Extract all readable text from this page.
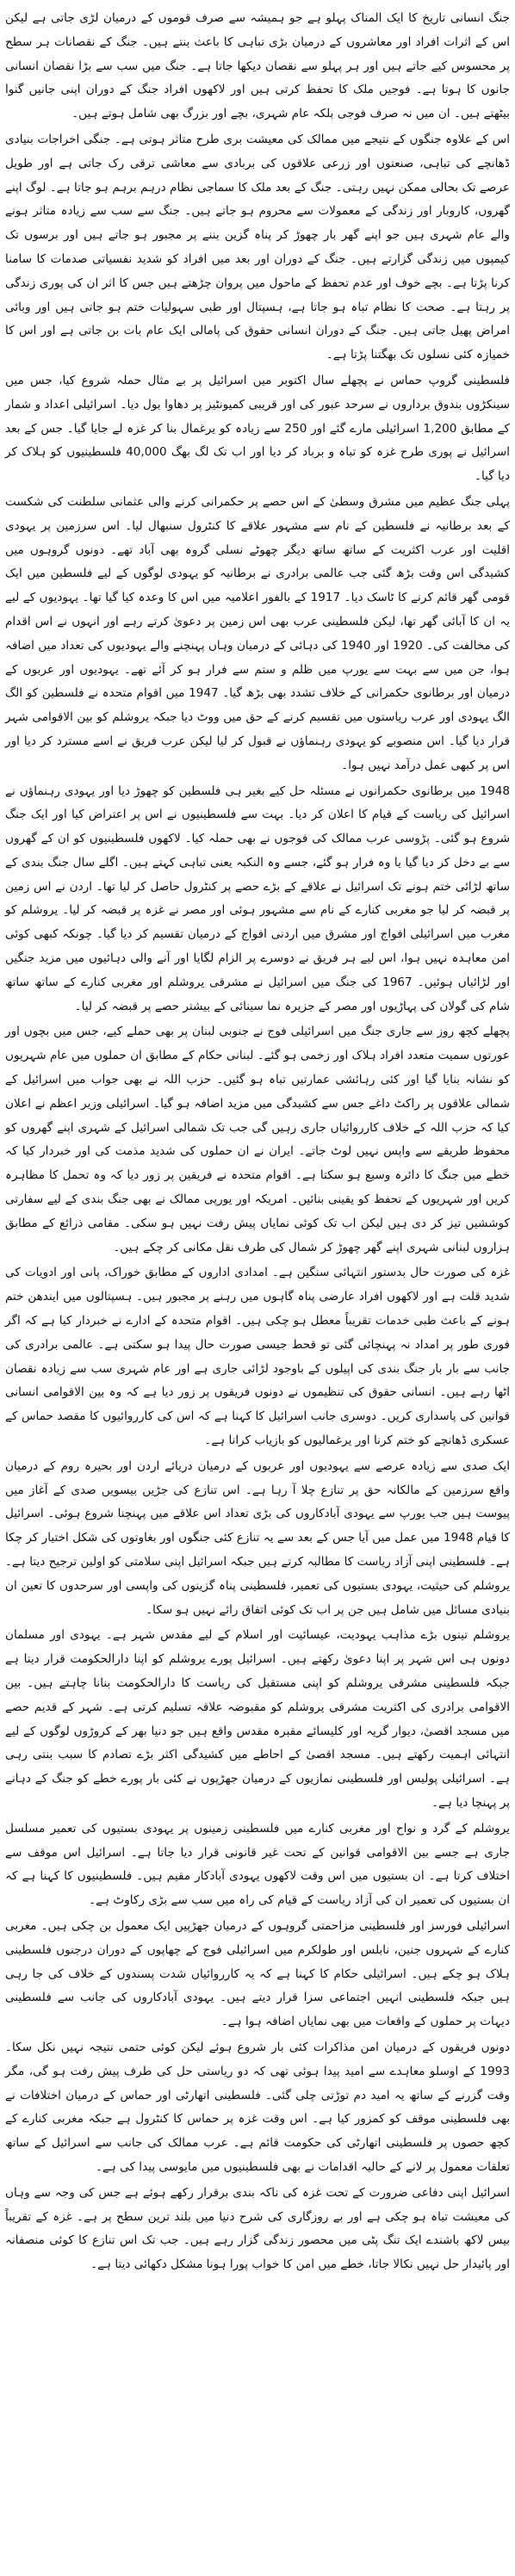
جنگ انسانی تاریخ کا ایک المناک پہلو ہے جو ہمیشہ سے صرف قوموں کے درمیان لڑی جاتی ہے لیکن اس کے اثرات افراد اور معاشروں کے درمیان بڑی تباہی کا باعث بنتے ہیں۔ جنگ کے نقصانات ہر سطح پر محسوس کیے جاتے ہیں اور ہر پہلو سے نقصان دیکھا جاتا ہے۔ جنگ میں سب سے بڑا نقصان انسانی جانوں کا ہوتا ہے۔ فوجیں ملک کا تحفظ کرتی ہیں اور لاکھوں افراد جنگ کے دوران اپنی جانیں گنوا بیٹھتے ہیں۔ ان میں نہ صرف فوجی بلکہ عام شہری، بچے اور بزرگ بھی شامل ہوتے ہیں۔

اس کے علاوہ جنگوں کے نتیجے میں ممالک کی معیشت بری طرح متاثر ہوتی ہے۔ جنگی اخراجات بنیادی ڈھانچے کی تباہی، صنعتوں اور زرعی علاقوں کی بربادی سے معاشی ترقی رک جاتی ہے اور طویل عرصے تک بحالی ممکن نہیں رہتی۔ جنگ کے بعد ملک کا سماجی نظام درہم برہم ہو جاتا ہے۔ لوگ اپنے گھروں، کاروبار اور زندگی کے معمولات سے محروم ہو جاتے ہیں۔ جنگ سے سب سے زیادہ متاثر ہونے والے عام شہری ہیں جو اپنے گھر بار چھوڑ کر پناہ گزین بننے پر مجبور ہو جاتے ہیں اور برسوں تک کیمپوں میں زندگی گزارتے ہیں۔ جنگ کے دوران اور بعد میں افراد کو شدید نفسیاتی صدمات کا سامنا کرنا پڑتا ہے۔ بچے خوف اور عدم تحفظ کے ماحول میں پروان چڑھتے ہیں جس کا اثر ان کی پوری زندگی پر رہتا ہے۔ صحت کا نظام تباہ ہو جاتا ہے، ہسپتال اور طبی سہولیات ختم ہو جاتی ہیں اور وبائی امراض پھیل جاتی ہیں۔ جنگ کے دوران انسانی حقوق کی پامالی ایک عام بات بن جاتی ہے اور اس کا خمیازہ کئی نسلوں تک بھگتنا پڑتا ہے۔

فلسطینی گروپ حماس نے پچھلے سال اکتوبر میں اسرائیل پر بے مثال حملہ شروع کیا، جس میں سینکڑوں بندوق برداروں نے سرحد عبور کی اور قریبی کمیونٹیز پر دھاوا بول دیا۔ اسرائیلی اعداد و شمار کے مطابق 1,200 اسرائیلی مارے گئے اور 250 سے زیادہ کو یرغمال بنا کر غزہ لے جایا گیا۔ جس کے بعد اسرائیل نے پوری طرح غزہ کو تباہ و برباد کر دیا اور اب تک لگ بھگ 40,000 فلسطینیوں کو ہلاک کر دیا گیا۔

پہلی جنگ عظیم میں مشرق وسطیٰ کے اس حصے پر حکمرانی کرنے والی عثمانی سلطنت کی شکست کے بعد برطانیہ نے فلسطین کے نام سے مشہور علاقے کا کنٹرول سنبھال لیا۔ اس سرزمین پر یہودی اقلیت اور عرب اکثریت کے ساتھ ساتھ دیگر چھوٹے نسلی گروہ بھی آباد تھے۔ دونوں گروہوں میں کشیدگی اس وقت بڑھ گئی جب عالمی برادری نے برطانیہ کو یہودی لوگوں کے لیے فلسطین میں ایک قومی گھر قائم کرنے کا ٹاسک دیا۔ 1917 کے بالفور اعلامیہ میں اس کا وعدہ کیا گیا تھا۔ یہودیوں کے لیے یہ ان کا آبائی گھر تھا، لیکن فلسطینی عرب بھی اس زمین پر دعویٰ کرتے رہے اور انہوں نے اس اقدام کی مخالفت کی۔ 1920 اور 1940 کی دہائی کے درمیان وہاں پہنچنے والے یہودیوں کی تعداد میں اضافہ ہوا، جن میں سے بہت سے یورپ میں ظلم و ستم سے فرار ہو کر آئے تھے۔ یہودیوں اور عربوں کے درمیان اور برطانوی حکمرانی کے خلاف تشدد بھی بڑھ گیا۔ 1947 میں اقوام متحدہ نے فلسطین کو الگ الگ یہودی اور عرب ریاستوں میں تقسیم کرنے کے حق میں ووٹ دیا جبکہ یروشلم کو بین الاقوامی شہر قرار دیا گیا۔ اس منصوبے کو یہودی رہنماؤں نے قبول کر لیا لیکن عرب فریق نے اسے مسترد کر دیا اور اس پر کبھی عمل درآمد نہیں ہوا۔

1948 میں برطانوی حکمرانوں نے مسئلہ حل کیے بغیر ہی فلسطین کو چھوڑ دیا اور یہودی رہنماؤں نے اسرائیل کی ریاست کے قیام کا اعلان کر دیا۔ بہت سے فلسطینیوں نے اس پر اعتراض کیا اور ایک جنگ شروع ہو گئی۔ پڑوسی عرب ممالک کی فوجوں نے بھی حملہ کیا۔ لاکھوں فلسطینیوں کو ان کے گھروں سے بے دخل کر دیا گیا یا وہ فرار ہو گئے، جسے وہ النکبہ یعنی تباہی کہتے ہیں۔ اگلے سال جنگ بندی کے ساتھ لڑائی ختم ہونے تک اسرائیل نے علاقے کے بڑے حصے پر کنٹرول حاصل کر لیا تھا۔ اردن نے اس زمین پر قبضہ کر لیا جو مغربی کنارے کے نام سے مشہور ہوئی اور مصر نے غزہ پر قبضہ کر لیا۔ یروشلم کو مغرب میں اسرائیلی افواج اور مشرق میں اردنی افواج کے درمیان تقسیم کر دیا گیا۔ چونکہ کبھی کوئی امن معاہدہ نہیں ہوا، اس لیے ہر فریق نے دوسرے پر الزام لگایا اور آنے والی دہائیوں میں مزید جنگیں اور لڑائیاں ہوئیں۔ 1967 کی جنگ میں اسرائیل نے مشرقی یروشلم اور مغربی کنارے کے ساتھ ساتھ شام کی گولان کی پہاڑیوں اور مصر کے جزیرہ نما سینائی کے بیشتر حصے پر قبضہ کر لیا۔

پچھلے کچھ روز سے جاری جنگ میں اسرائیلی فوج نے جنوبی لبنان پر بھی حملے کیے، جس میں بچوں اور عورتوں سمیت متعدد افراد ہلاک اور زخمی ہو گئے۔ لبنانی حکام کے مطابق ان حملوں میں عام شہریوں کو نشانہ بنایا گیا اور کئی رہائشی عمارتیں تباہ ہو گئیں۔ حزب اللہ نے بھی جواب میں اسرائیل کے شمالی علاقوں پر راکٹ داغے جس سے کشیدگی میں مزید اضافہ ہو گیا۔ اسرائیلی وزیر اعظم نے اعلان کیا کہ حزب اللہ کے خلاف کارروائیاں جاری رہیں گی جب تک شمالی اسرائیل کے شہری اپنے گھروں کو محفوظ طریقے سے واپس نہیں لوٹ جاتے۔ ایران نے ان حملوں کی شدید مذمت کی اور خبردار کیا کہ خطے میں جنگ کا دائرہ وسیع ہو سکتا ہے۔ اقوام متحدہ نے فریقین پر زور دیا کہ وہ تحمل کا مظاہرہ کریں اور شہریوں کے تحفظ کو یقینی بنائیں۔ امریکہ اور یورپی ممالک نے بھی جنگ بندی کے لیے سفارتی کوششیں تیز کر دی ہیں لیکن اب تک کوئی نمایاں پیش رفت نہیں ہو سکی۔ مقامی ذرائع کے مطابق ہزاروں لبنانی شہری اپنے گھر چھوڑ کر شمال کی طرف نقل مکانی کر چکے ہیں۔

غزہ کی صورت حال بدستور انتہائی سنگین ہے۔ امدادی اداروں کے مطابق خوراک، پانی اور ادویات کی شدید قلت ہے اور لاکھوں افراد عارضی پناہ گاہوں میں رہنے پر مجبور ہیں۔ ہسپتالوں میں ایندھن ختم ہونے کے باعث طبی خدمات تقریباً معطل ہو چکی ہیں۔ اقوام متحدہ کے ادارے نے خبردار کیا ہے کہ اگر فوری طور پر امداد نہ پہنچائی گئی تو قحط جیسی صورت حال پیدا ہو سکتی ہے۔ عالمی برادری کی جانب سے بار بار جنگ بندی کی اپیلوں کے باوجود لڑائی جاری ہے اور عام شہری سب سے زیادہ نقصان اٹھا رہے ہیں۔ انسانی حقوق کی تنظیموں نے دونوں فریقوں پر زور دیا ہے کہ وہ بین الاقوامی انسانی قوانین کی پاسداری کریں۔ دوسری جانب اسرائیل کا کہنا ہے کہ اس کی کارروائیوں کا مقصد حماس کے عسکری ڈھانچے کو ختم کرنا اور یرغمالیوں کو بازیاب کرانا ہے۔

ایک صدی سے زیادہ عرصے سے یہودیوں اور عربوں کے درمیان دریائے اردن اور بحیرہ روم کے درمیان واقع سرزمین کے مالکانہ حق پر تنازع چلا آ رہا ہے۔ اس تنازع کی جڑیں بیسویں صدی کے آغاز میں پیوست ہیں جب یورپ سے یہودی آبادکاروں کی بڑی تعداد اس علاقے میں پہنچنا شروع ہوئی۔ اسرائیل کا قیام 1948 میں عمل میں آیا جس کے بعد سے یہ تنازع کئی جنگوں اور بغاوتوں کی شکل اختیار کر چکا ہے۔ فلسطینی اپنی آزاد ریاست کا مطالبہ کرتے ہیں جبکہ اسرائیل اپنی سلامتی کو اولین ترجیح دیتا ہے۔ یروشلم کی حیثیت، یہودی بستیوں کی تعمیر، فلسطینی پناہ گزینوں کی واپسی اور سرحدوں کا تعین ان بنیادی مسائل میں شامل ہیں جن پر اب تک کوئی اتفاق رائے نہیں ہو سکا۔

یروشلم تینوں بڑے مذاہب یہودیت، عیسائیت اور اسلام کے لیے مقدس شہر ہے۔ یہودی اور مسلمان دونوں ہی اس شہر پر اپنا دعویٰ رکھتے ہیں۔ اسرائیل پورے یروشلم کو اپنا دارالحکومت قرار دیتا ہے جبکہ فلسطینی مشرقی یروشلم کو اپنی مستقبل کی ریاست کا دارالحکومت بنانا چاہتے ہیں۔ بین الاقوامی برادری کی اکثریت مشرقی یروشلم کو مقبوضہ علاقہ تسلیم کرتی ہے۔ شہر کے قدیم حصے میں مسجد اقصیٰ، دیوار گریہ اور کلیسائے مقبرہ مقدس واقع ہیں جو دنیا بھر کے کروڑوں لوگوں کے لیے انتہائی اہمیت رکھتے ہیں۔ مسجد اقصیٰ کے احاطے میں کشیدگی اکثر بڑے تصادم کا سبب بنتی رہی ہے۔ اسرائیلی پولیس اور فلسطینی نمازیوں کے درمیان جھڑپوں نے کئی بار پورے خطے کو جنگ کے دہانے پر پہنچا دیا ہے۔

یروشلم کے گرد و نواح اور مغربی کنارے میں فلسطینی زمینوں پر یہودی بستیوں کی تعمیر مسلسل جاری ہے جسے بین الاقوامی قوانین کے تحت غیر قانونی قرار دیا جاتا ہے۔ اسرائیل اس موقف سے اختلاف کرتا ہے۔ ان بستیوں میں اس وقت لاکھوں یہودی آبادکار مقیم ہیں۔ فلسطینیوں کا کہنا ہے کہ ان بستیوں کی تعمیر ان کی آزاد ریاست کے قیام کی راہ میں سب سے بڑی رکاوٹ ہے۔

اسرائیلی فورسز اور فلسطینی مزاحمتی گروہوں کے درمیان جھڑپیں ایک معمول بن چکی ہیں۔ مغربی کنارے کے شہروں جنین، نابلس اور طولکرم میں اسرائیلی فوج کے چھاپوں کے دوران درجنوں فلسطینی ہلاک ہو چکے ہیں۔ اسرائیلی حکام کا کہنا ہے کہ یہ کارروائیاں شدت پسندوں کے خلاف کی جا رہی ہیں جبکہ فلسطینی انہیں اجتماعی سزا قرار دیتے ہیں۔ یہودی آبادکاروں کی جانب سے فلسطینی دیہات پر حملوں کے واقعات میں بھی نمایاں اضافہ ہوا ہے۔

دونوں فریقوں کے درمیان امن مذاکرات کئی بار شروع ہوئے لیکن کوئی حتمی نتیجہ نہیں نکل سکا۔ 1993 کے اوسلو معاہدے سے امید پیدا ہوئی تھی کہ دو ریاستی حل کی طرف پیش رفت ہو گی، مگر وقت گزرنے کے ساتھ یہ امید دم توڑتی چلی گئی۔ فلسطینی اتھارٹی اور حماس کے درمیان اختلافات نے بھی فلسطینی موقف کو کمزور کیا ہے۔ اس وقت غزہ پر حماس کا کنٹرول ہے جبکہ مغربی کنارے کے کچھ حصوں پر فلسطینی اتھارٹی کی حکومت قائم ہے۔ عرب ممالک کی جانب سے اسرائیل کے ساتھ تعلقات معمول پر لانے کے حالیہ اقدامات نے بھی فلسطینیوں میں مایوسی پیدا کی ہے۔

اسرائیل اپنی دفاعی ضرورت کے تحت غزہ کی ناکہ بندی برقرار رکھے ہوئے ہے جس کی وجہ سے وہاں کی معیشت تباہ ہو چکی ہے اور بے روزگاری کی شرح دنیا میں بلند ترین سطح پر ہے۔ غزہ کے تقریباً بیس لاکھ باشندے ایک تنگ پٹی میں محصور زندگی گزار رہے ہیں۔ جب تک اس تنازع کا کوئی منصفانہ اور پائیدار حل نہیں نکالا جاتا، خطے میں امن کا خواب پورا ہونا مشکل دکھائی دیتا ہے۔
